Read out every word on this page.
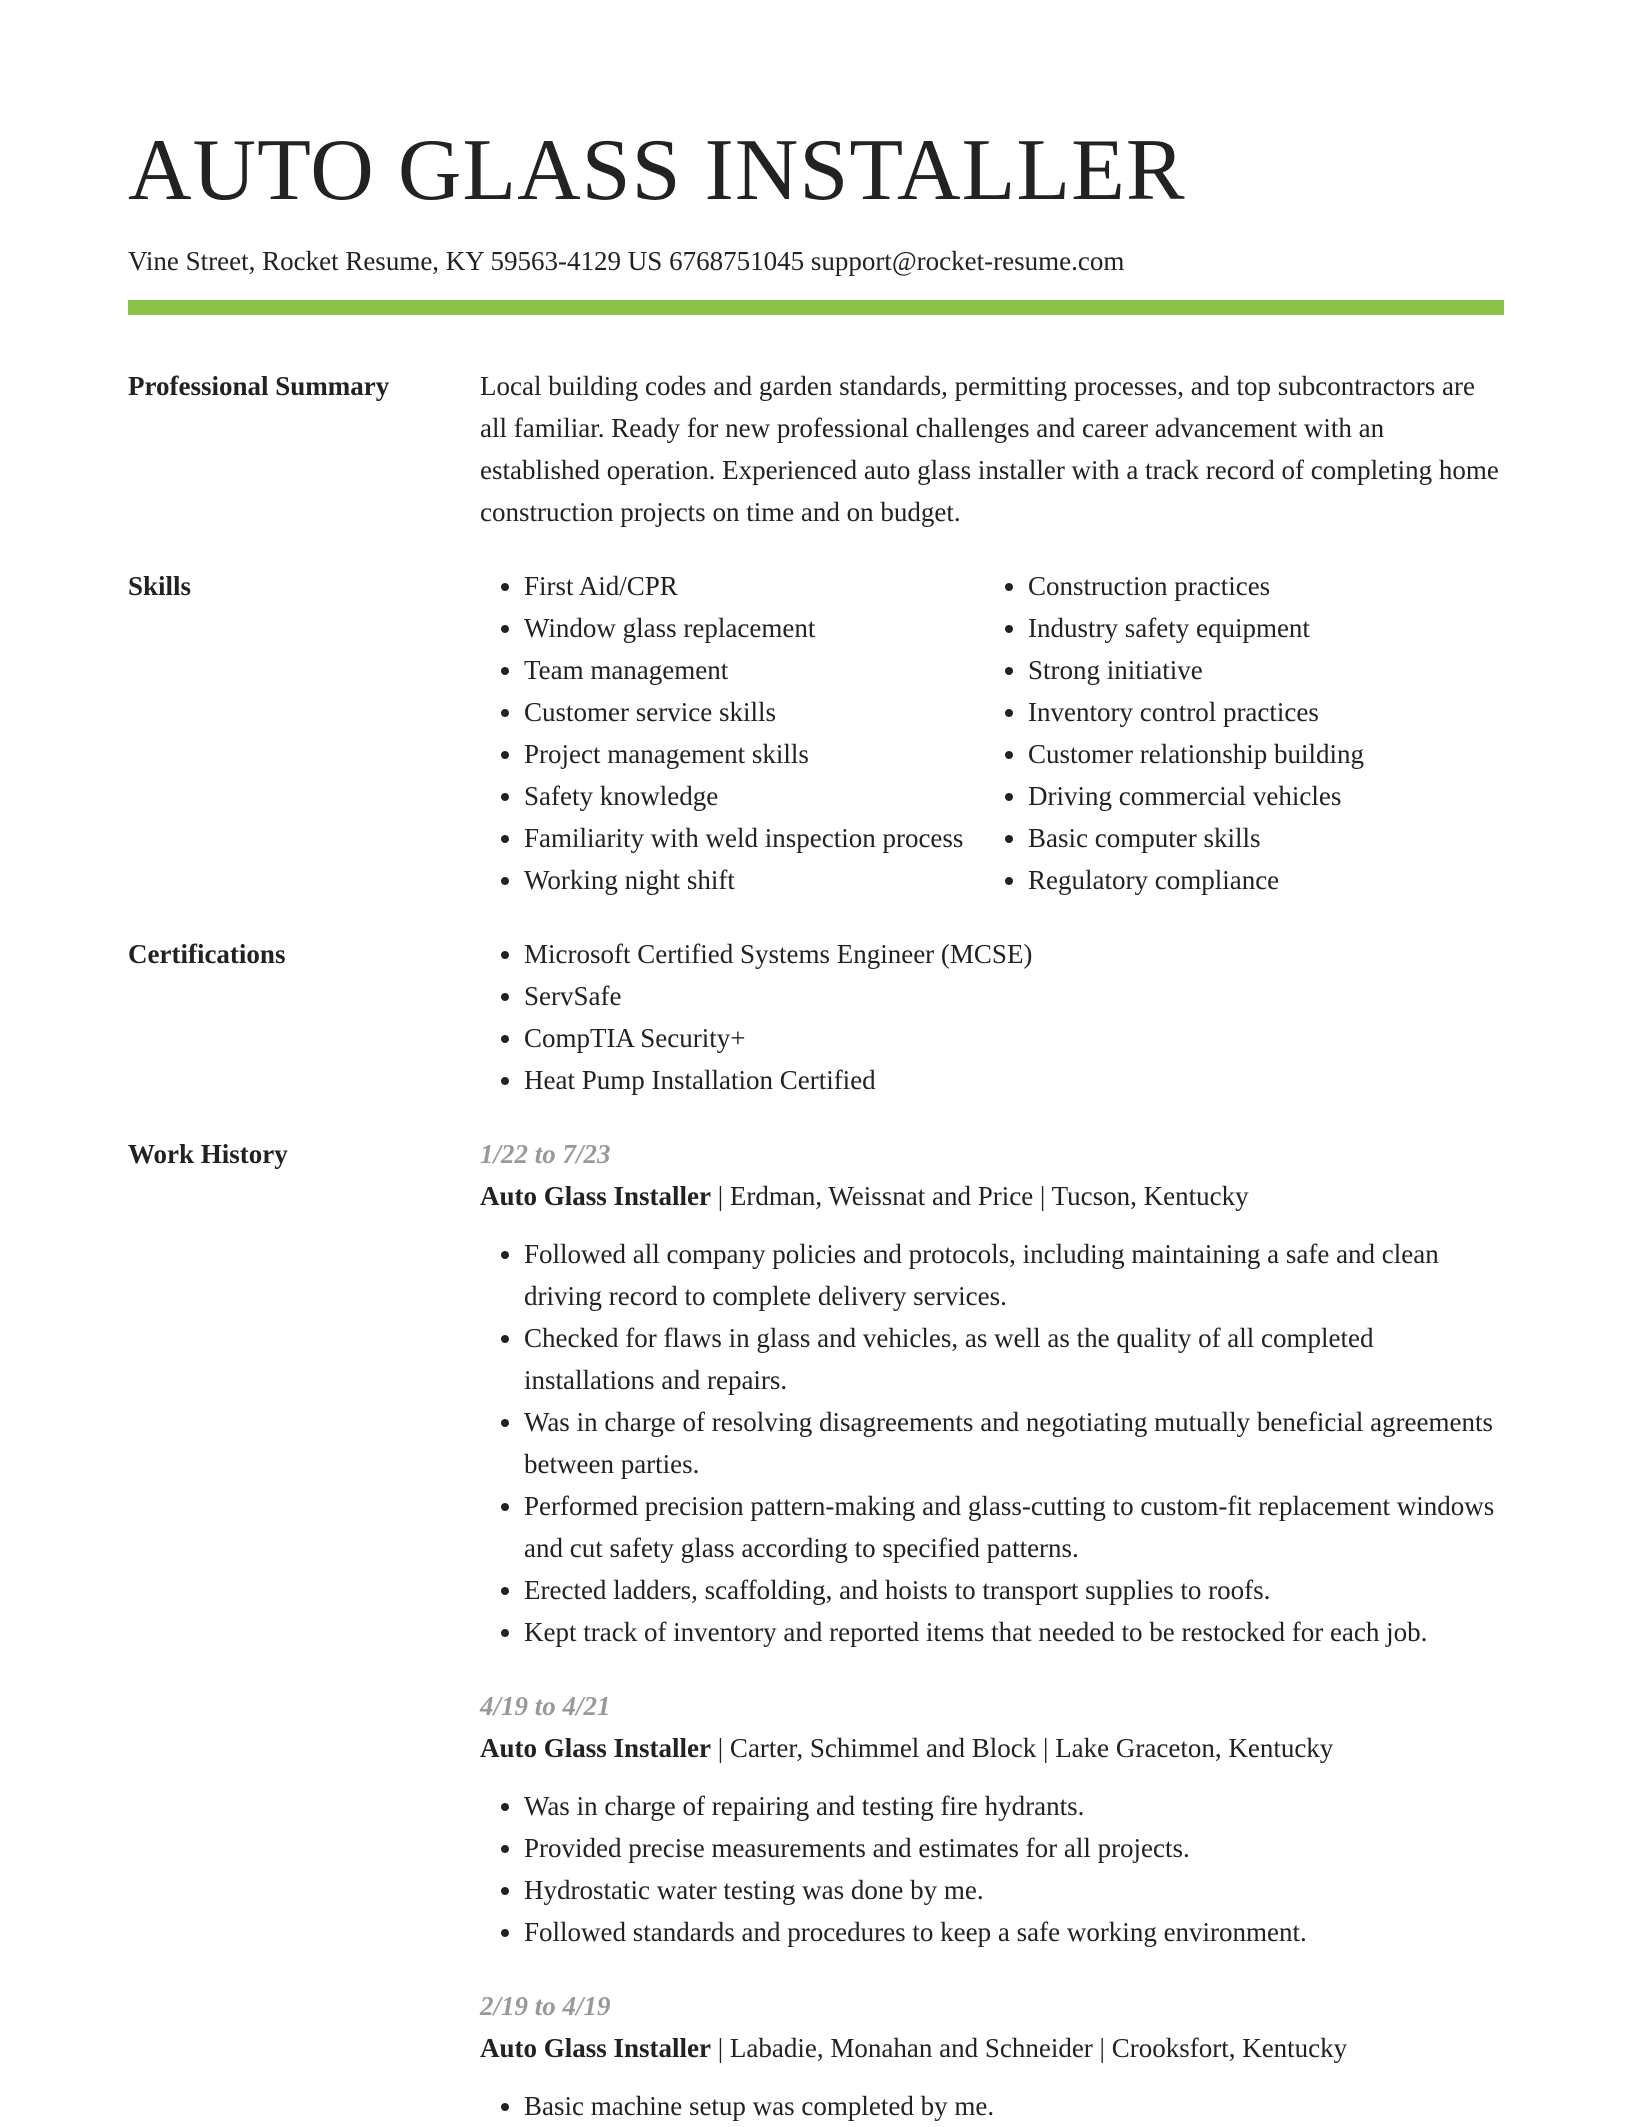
AUTO GLASS INSTALLER
Vine Street, Rocket Resume, KY 59563-4129 US 6768751045 support@rocket-resume.com
Professional Summary	Local building codes and garden standards, permitting processes, and top subcontractors are all familiar. Ready for new professional challenges and career advancement with an established operation. Experienced auto glass installer with a track record of completing home construction projects on time and on budget.

Skills	• First Aid/CPR
• Window glass replacement
• Team management
• Customer service skills
• Project management skills
• Safety knowledge
• Familiarity with weld inspection process
• Working night shift
• Construction practices
• Industry safety equipment
• Strong initiative
• Inventory control practices
• Customer relationship building
• Driving commercial vehicles
• Basic computer skills
• Regulatory compliance
Certifications	• Microsoft Certified Systems Engineer (MCSE)
• ServSafe
• CompTIA Security+
• Heat Pump Installation Certified
Work History	1/22 to 7/23
Auto Glass Installer | Erdman, Weissnat and Price | Tucson, Kentucky
• Followed all company policies and protocols, including maintaining a safe and clean driving record to complete delivery services.
• Checked for flaws in glass and vehicles, as well as the quality of all completed installations and repairs.
• Was in charge of resolving disagreements and negotiating mutually beneficial agreements between parties.
• Performed precision pattern-making and glass-cutting to custom-fit replacement windows and cut safety glass according to specified patterns.
• Erected ladders, scaffolding, and hoists to transport supplies to roofs.
• Kept track of inventory and reported items that needed to be restocked for each job.
4/19 to 4/21
Auto Glass Installer | Carter, Schimmel and Block | Lake Graceton, Kentucky
• Was in charge of repairing and testing fire hydrants.
• Provided precise measurements and estimates for all projects.
• Hydrostatic water testing was done by me.
• Followed standards and procedures to keep a safe working environment.
2/19 to 4/19
Auto Glass Installer | Labadie, Monahan and Schneider | Crooksfort, Kentucky
• Basic machine setup was completed by me.
